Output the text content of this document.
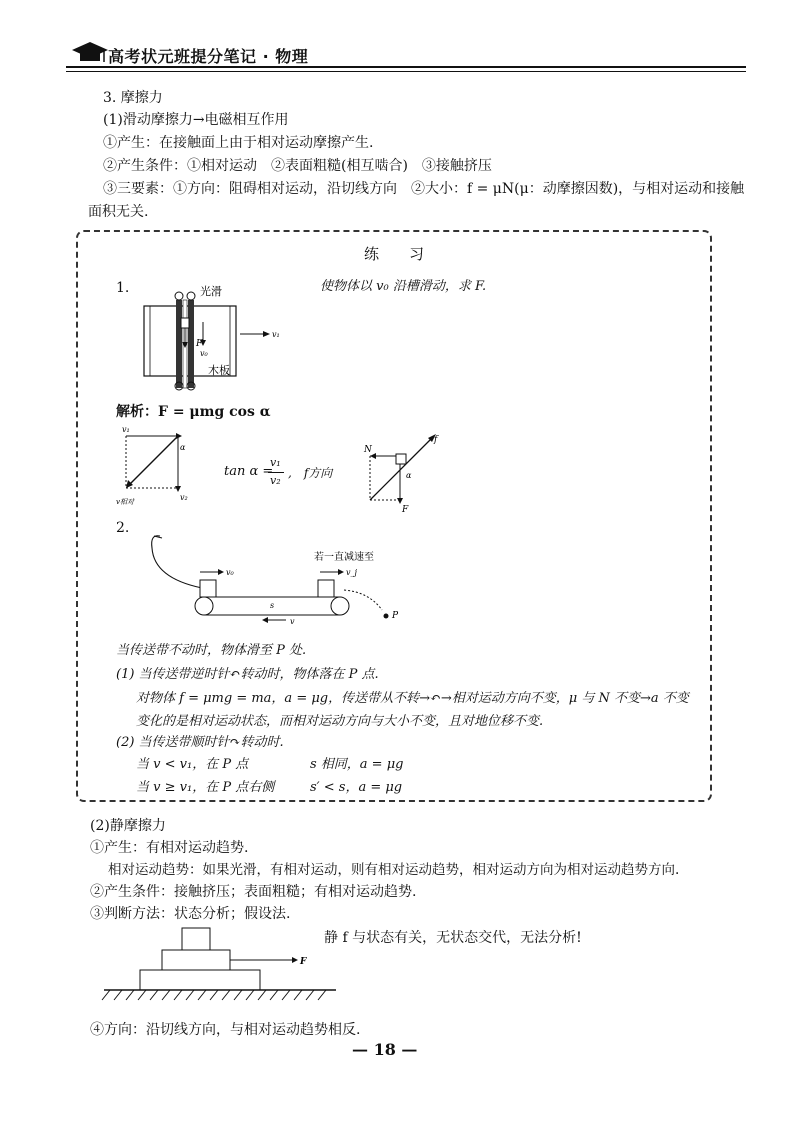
高考状元班提分笔记 · 物理
3. 摩擦力
(1)滑动摩擦力→电磁相互作用
①产生：在接触面上由于相对运动摩擦产生.
②产生条件：①相对运动　②表面粗糙(相互啮合)　③接触挤压
③三要素：①方向：阻碍相对运动，沿切线方向　②大小：f = μN(μ：动摩擦因数)，与相对运动和接触
面积无关.
练　　习
1.	使物体以 v₀ 沿槽滑动，求 F.
光滑
v₁
F
v₀
木板
解析：F = μmg cos α
v₁
α
v₂
v相对
tan α =
v₁
v₂
,　f方向
N
f
α
F
2.
若一直减速至
v₀	v_j
s
v
P
当传送带不动时，物体滑至 P 处.
(1) 当传送带逆时针↶转动时，物体落在 P 点.
对物体 f = μmg = ma，a = μg，传送带从不转→↶→相对运动方向不变，μ 与 N 不变→a 不变
变化的是相对运动状态，而相对运动方向与大小不变，且对地位移不变.
(2) 当传送带顺时针↷转动时.
当 v < v₁，在 P 点	s 相同，a = μg
当 v ≥ v₁，在 P 点右侧	s′ < s，a = μg
(2)静摩擦力
①产生：有相对运动趋势.
相对运动趋势：如果光滑，有相对运动，则有相对运动趋势，相对运动方向为相对运动趋势方向.
②产生条件：接触挤压；表面粗糙；有相对运动趋势.
③判断方法：状态分析；假设法.
静 f 与状态有关，无状态交代，无法分析!
F
④方向：沿切线方向，与相对运动趋势相反.
— 18 —
